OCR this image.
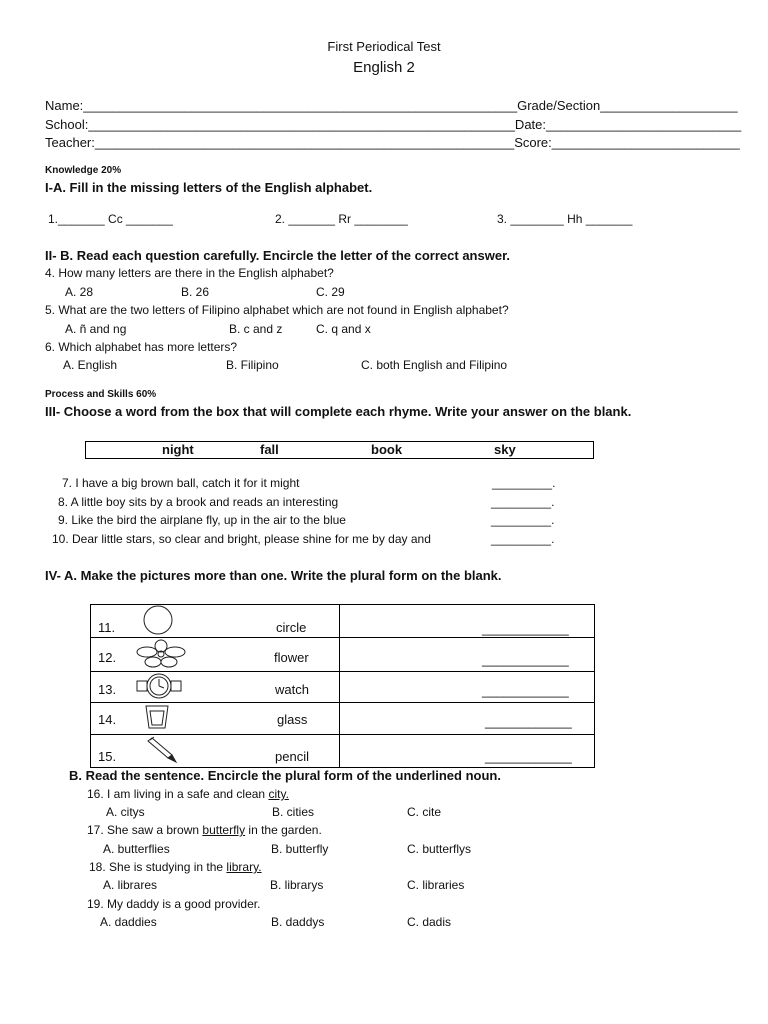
First Periodical Test
English 2
Name:____________________________________________________________Grade/Section___________________
School:___________________________________________________________Date:___________________________
Teacher:__________________________________________________________Score:__________________________
Knowledge 20%
I-A. Fill in the missing letters of the English alphabet.
1._______ Cc _______	2. _______ Rr ________	3. ________ Hh _______
II- B. Read each question carefully. Encircle the letter of the correct answer.
4. How many letters are there in the English alphabet?
A. 28	B. 26	C. 29
5. What are the two letters of Filipino alphabet which are not found in English alphabet?
A. ñ and ng	B. c and z	C. q and x
6. Which alphabet has more letters?
A. English	B. Filipino	C. both English and Filipino
Process and Skills 60%
III- Choose a word from the box that will complete each rhyme. Write your answer on the blank.
night	fall	book	sky
7. I have a big brown ball, catch it for it might	_________.
8. A little boy sits by a brook and reads an interesting	_________.
9. Like the bird the airplane fly, up in the air to the blue	_________.
10. Dear little stars, so clear and bright, please shine for me by day and	_________.
IV- A. Make the pictures more than one. Write the plural form on the blank.
11.	circle	____________
12.	flower	____________
13.	watch	____________
14.	glass	____________
15.	pencil	____________
B. Read the sentence. Encircle the plural form of the underlined noun.
16. I am living in a safe and clean city.
A. citys	B. cities	C. cite
17. She saw a brown butterfly in the garden.
A. butterflies	B. butterfly	C. butterflys
18. She is studying in the library.
A. librares	B. librarys	C. libraries
19. My daddy is a good provider.
A. daddies	B. daddys	C. dadis
